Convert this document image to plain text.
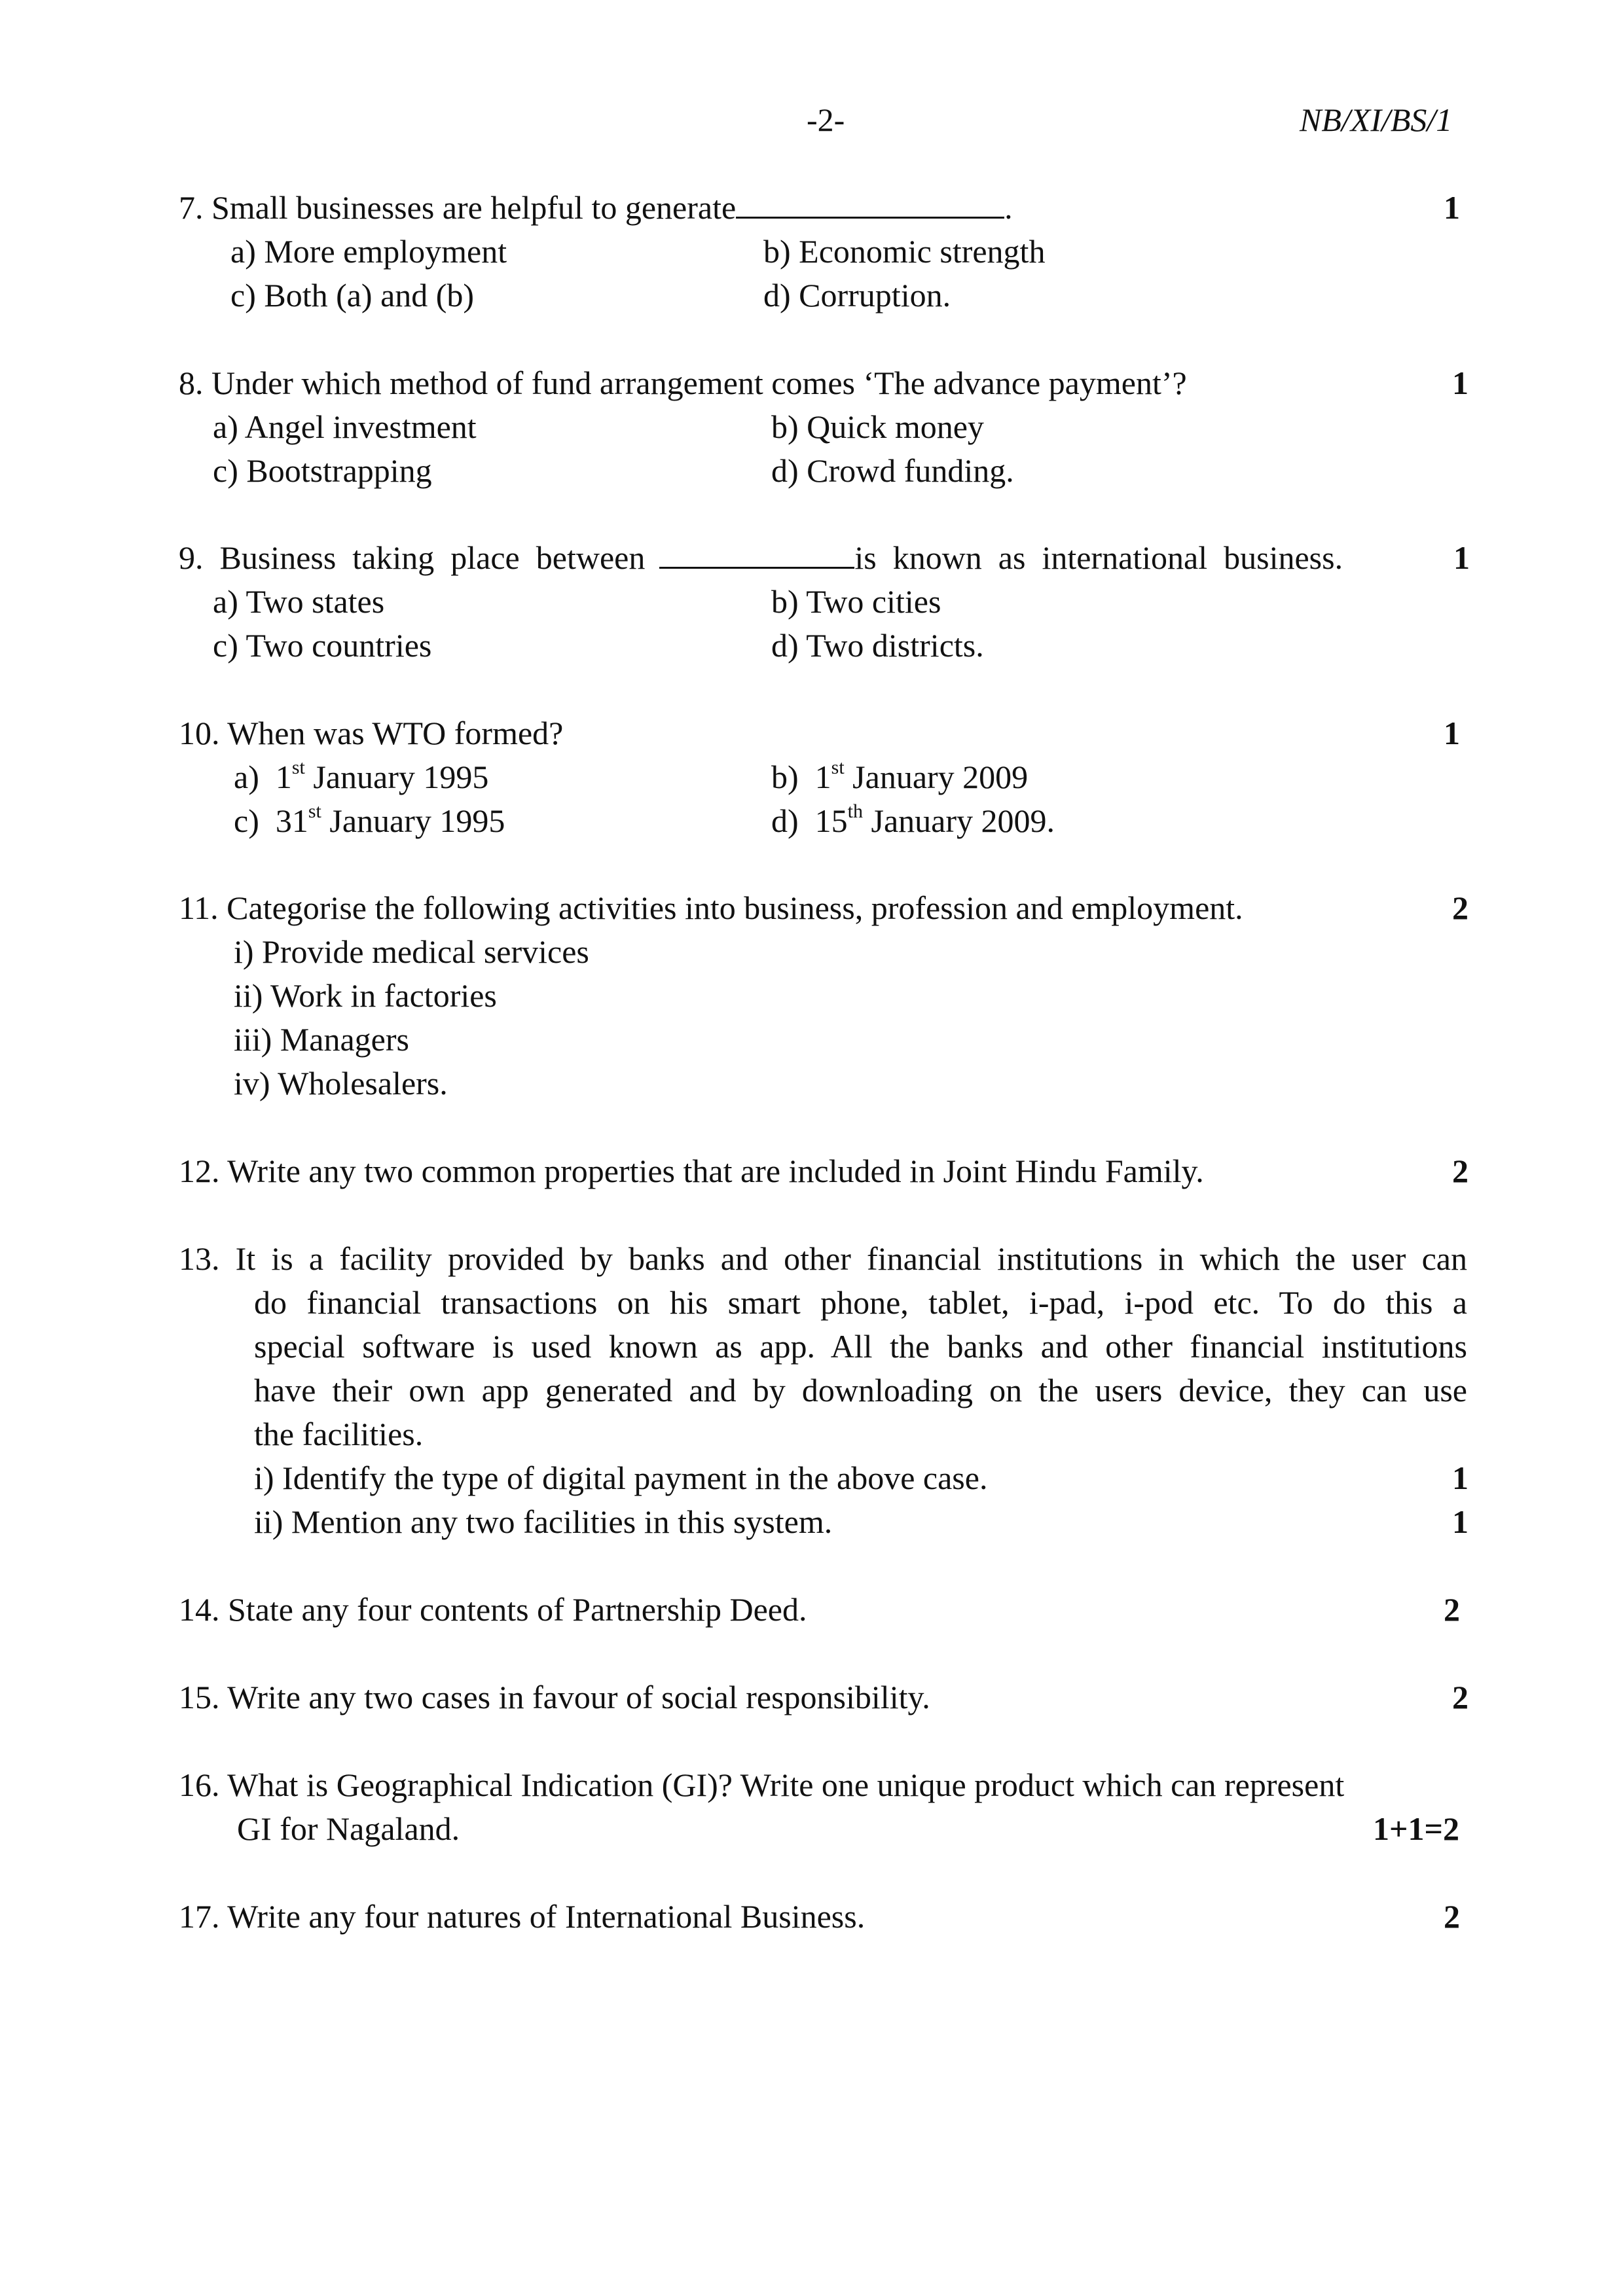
-2-	NB/XI/BS/1
7. Small businesses are helpful to generate	.	1
a) More employment	b) Economic strength
c) Both (a) and (b)	d) Corruption.
8. Under which method of fund arrangement comes ‘The advance payment’?	1
a) Angel investment	b) Quick money
c) Bootstrapping	d) Crowd funding.
9.  Business  taking  place  between	is  known  as  international  business.	1
a) Two states	b) Two cities
c) Two countries	d) Two districts.
10. When was WTO formed?	1
a) 1st January 1995	b) 1st January 2009
c) 31st January 1995	d) 15th January 2009.
11. Categorise the following activities into business, profession and employment.	2
i) Provide medical services
ii) Work in factories
iii) Managers
iv) Wholesalers.
12. Write any two common properties that are included in Joint Hindu Family.	2
13. It is a facility provided by banks and other financial institutions in which the user can
do financial transactions on his smart phone, tablet, i-pad, i-pod etc. To do this a
special software is used known as app. All the banks and other financial institutions
have their own app generated and by downloading on the users device, they can use
the facilities.
i) Identify the type of digital payment in the above case.	1
ii) Mention any two facilities in this system.	1
14. State any four contents of Partnership Deed.	2
15. Write any two cases in favour of social responsibility.	2
16. What is Geographical Indication (GI)? Write one unique product which can represent
GI for Nagaland.	1+1=2
17. Write any four natures of International Business.	2
